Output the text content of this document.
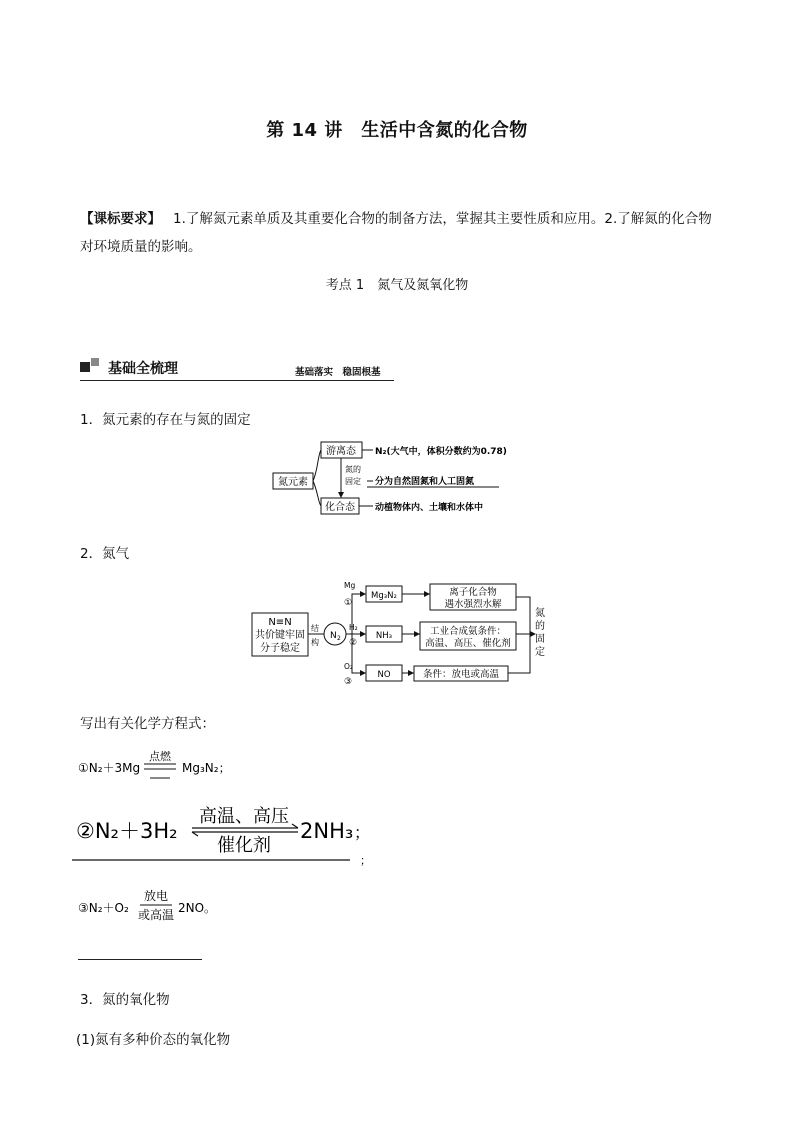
第 14 讲　生活中含氮的化合物
【课标要求】 1.了解氮元素单质及其重要化合物的制备方法，掌握其主要性质和应用。2.了解氮的化合物对环境质量的影响。
考点 1　氮气及氮氧化物
基础全梳理	基础落实　稳固根基
1．氮元素的存在与氮的固定
氮元素
游离态
化合态
氮的
固定
N₂(大气中，体积分数约为0.78)
分为自然固氮和人工固氮
动植物体内、土壤和水体中
2．氮气
N≡N
共价键牢固
分子稳定
结
构
N 2
Mg
①
H₂
②
O₂
③
Mg₃N₂
NH₃
NO
离子化合物
遇水强烈水解
工业合成氨条件：
高温、高压、催化剂
条件：放电或高温
氮
的
固
定
写出有关化学方程式：
①N₂＋3Mg
点燃
Mg₃N₂；
②N₂＋3H₂
高温、高压
催化剂
2NH₃ ；
；
③N₂＋O₂
放电
或高温 2NO。
3．氮的氧化物
(1)氮有多种价态的氧化物
